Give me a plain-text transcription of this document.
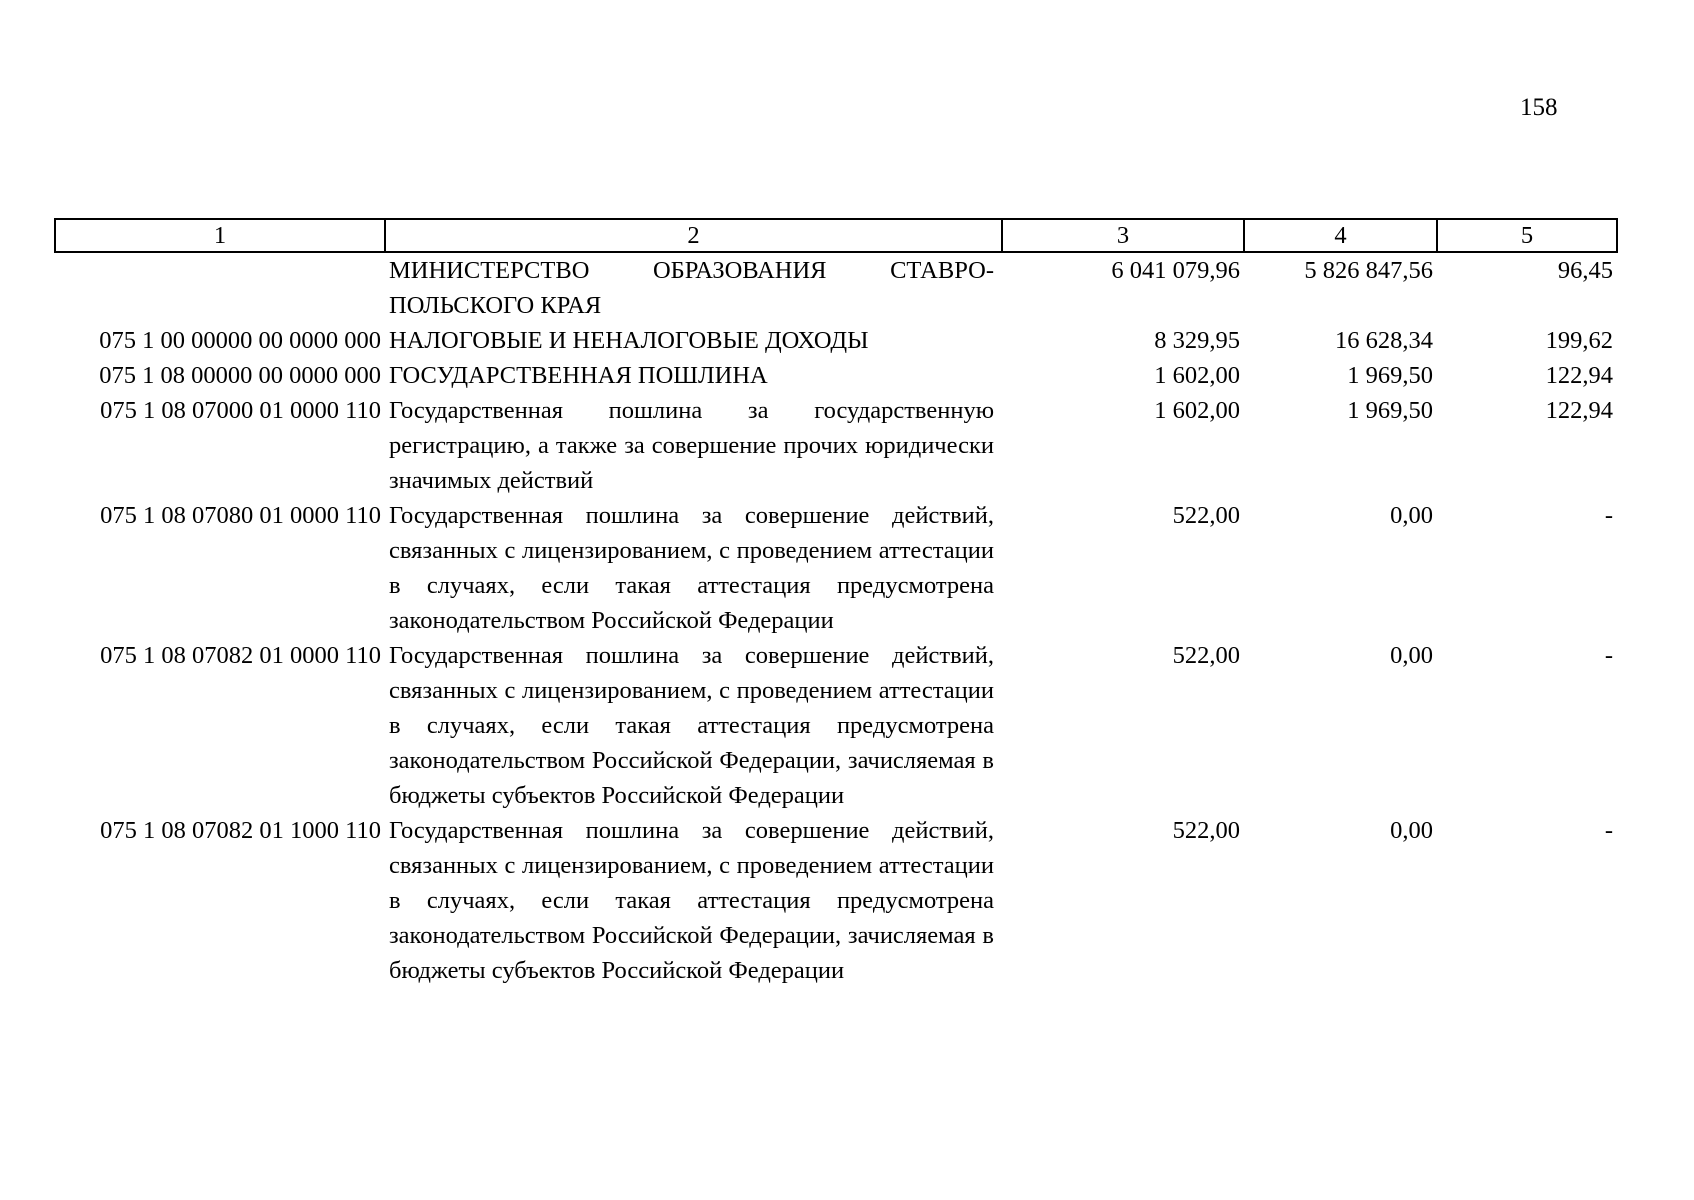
158
1	2	3	4	5
	МИНИСТЕРСТВО ОБРАЗОВАНИЯ СТАВРО-ПОЛЬСКОГО КРАЯ	6 041 079,96	5 826 847,56	96,45
075 1 00 00000 00 0000 000	НАЛОГОВЫЕ И НЕНАЛОГОВЫЕ ДОХОДЫ	8 329,95	16 628,34	199,62
075 1 08 00000 00 0000 000	ГОСУДАРСТВЕННАЯ ПОШЛИНА	1 602,00	1 969,50	122,94
075 1 08 07000 01 0000 110	Государственная пошлина за государственную регистрацию, а также за совершение прочих юридически значимых действий	1 602,00	1 969,50	122,94
075 1 08 07080 01 0000 110	Государственная пошлина за совершение действий, связанных с лицензированием, с проведением аттестации в случаях, если такая аттестация предусмотрена законодательством Российской Федерации	522,00	0,00	-
075 1 08 07082 01 0000 110	Государственная пошлина за совершение действий, связанных с лицензированием, с проведением аттестации в случаях, если такая аттестация предусмотрена законодательством Российской Федерации, зачисляемая в бюджеты субъектов Российской Федерации	522,00	0,00	-
075 1 08 07082 01 1000 110	Государственная пошлина за совершение действий, связанных с лицензированием, с проведением аттестации в случаях, если такая аттестация предусмотрена законодательством Российской Федерации, зачисляемая в бюджеты субъектов Российской Федерации	522,00	0,00	-
